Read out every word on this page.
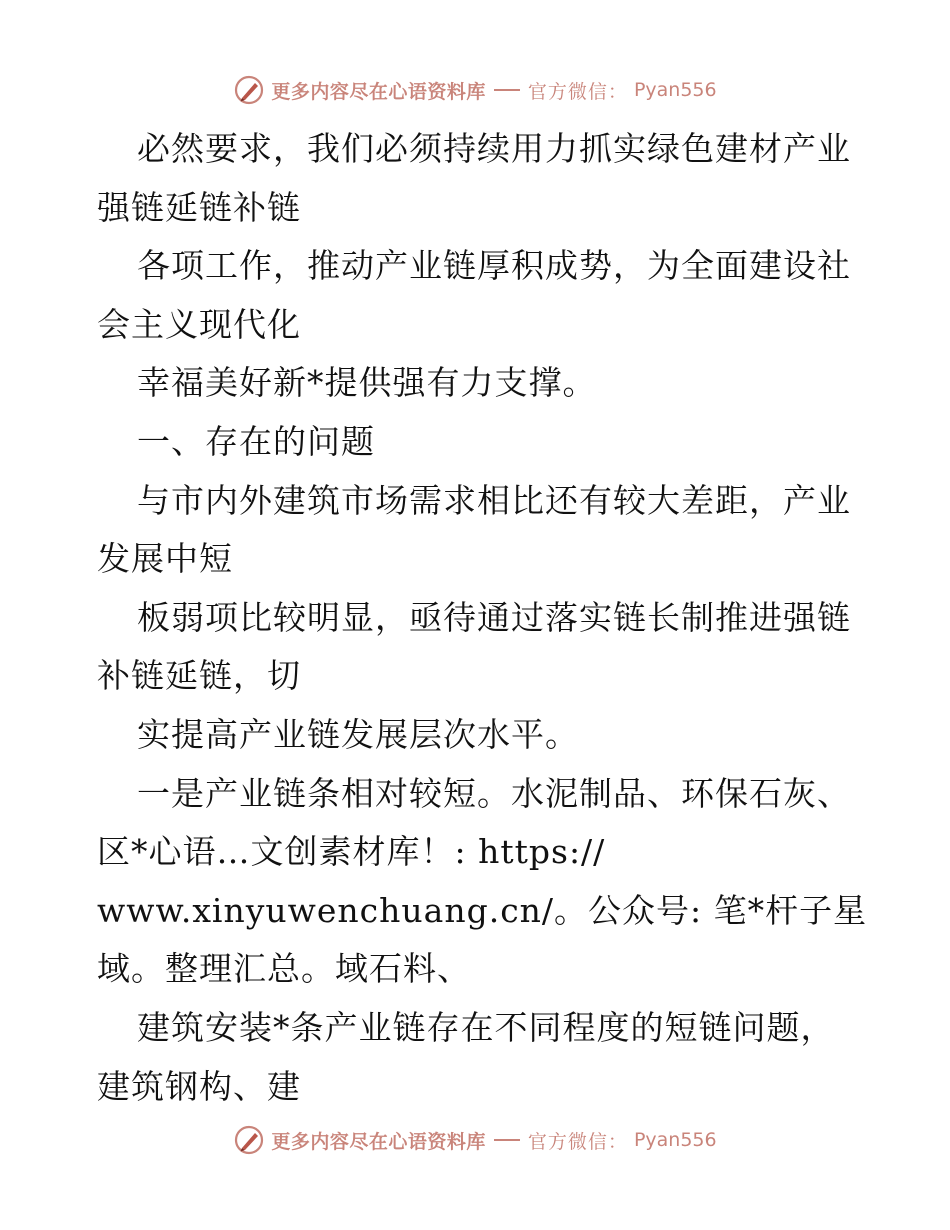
更多内容尽在心语资料库 官方微信： Pyan556
必然要求，我们必须持续用力抓实绿色建材产业
强链延链补链
各项工作，推动产业链厚积成势，为全面建设社
会主义现代化
幸福美好新*提供强有力支撑。
一、存在的问题
与市内外建筑市场需求相比还有较大差距，产业
发展中短
板弱项比较明显，亟待通过落实链长制推进强链
补链延链，切
实提高产业链发展层次水平。
一是产业链条相对较短。水泥制品、环保石灰、
区*心语…文创素材库！: https://
www.xinyuwenchuang.cn/。公众号: 笔*杆子星
域。整理汇总。域石料、
建筑安装*条产业链存在不同程度的短链问题，
建筑钢构、建
更多内容尽在心语资料库 官方微信： Pyan556
